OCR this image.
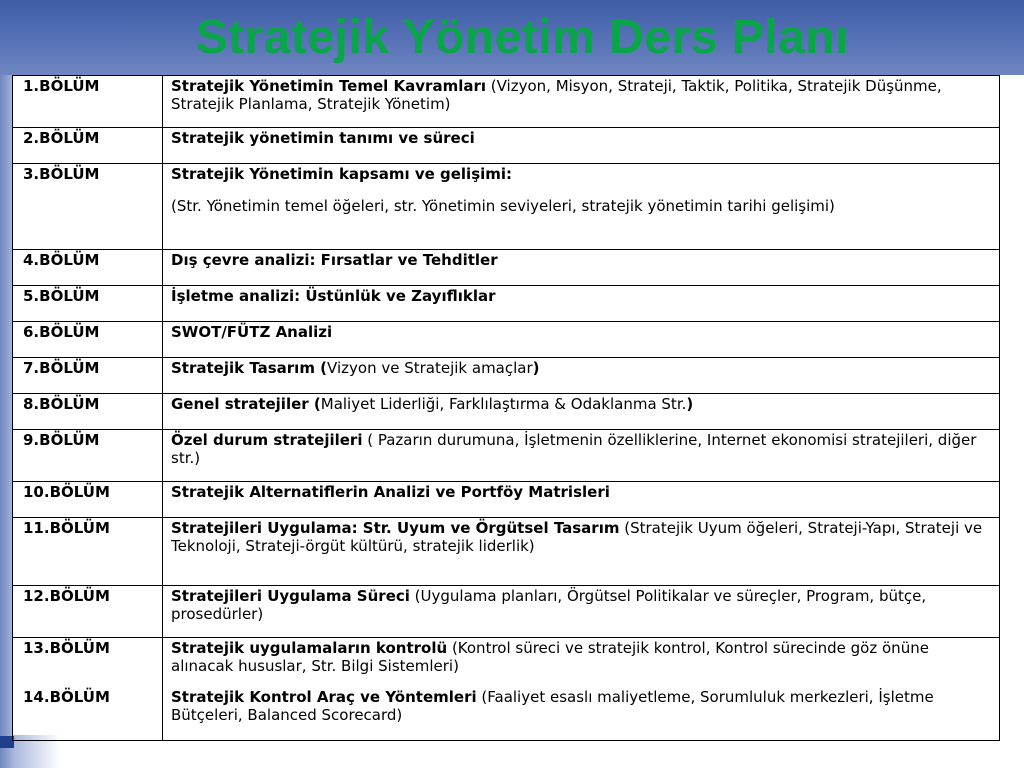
Stratejik Yönetim Ders Planı
1.BÖLÜM	Stratejik Yönetimin Temel Kavramları (Vizyon, Misyon, Strateji, Taktik, Politika, Stratejik Düşünme, Stratejik Planlama, Stratejik Yönetim)
2.BÖLÜM	Stratejik yönetimin tanımı ve süreci
3.BÖLÜM	Stratejik Yönetimin kapsamı ve gelişimi:
(Str. Yönetimin temel öğeleri, str. Yönetimin seviyeleri, stratejik yönetimin tarihi gelişimi)

4.BÖLÜM	Dış çevre analizi: Fırsatlar ve Tehditler
5.BÖLÜM	İşletme analizi: Üstünlük ve Zayıflıklar
6.BÖLÜM	SWOT/FÜTZ Analizi
7.BÖLÜM	Stratejik Tasarım (Vizyon ve Stratejik amaçlar)
8.BÖLÜM	Genel stratejiler (Maliyet Liderliği, Farklılaştırma & Odaklanma Str.)
9.BÖLÜM	Özel durum stratejileri ( Pazarın durumuna, İşletmenin özelliklerine, Internet ekonomisi stratejileri, diğer str.)
10.BÖLÜM	Stratejik Alternatiflerin Analizi ve Portföy Matrisleri
11.BÖLÜM	Stratejileri Uygulama: Str. Uyum ve Örgütsel Tasarım (Stratejik Uyum öğeleri, Strateji-Yapı, Strateji ve Teknoloji, Strateji-örgüt kültürü, stratejik liderlik)
12.BÖLÜM	Stratejileri Uygulama Süreci (Uygulama planları, Örgütsel Politikalar ve süreçler, Program, bütçe, prosedürler)
13.BÖLÜM	Stratejik uygulamaların kontrolü (Kontrol süreci ve stratejik kontrol, Kontrol sürecinde göz önüne alınacak hususlar, Str. Bilgi Sistemleri)
14.BÖLÜM	Stratejik Kontrol Araç ve Yöntemleri (Faaliyet esaslı maliyetleme, Sorumluluk merkezleri, İşletme Bütçeleri, Balanced Scorecard)
